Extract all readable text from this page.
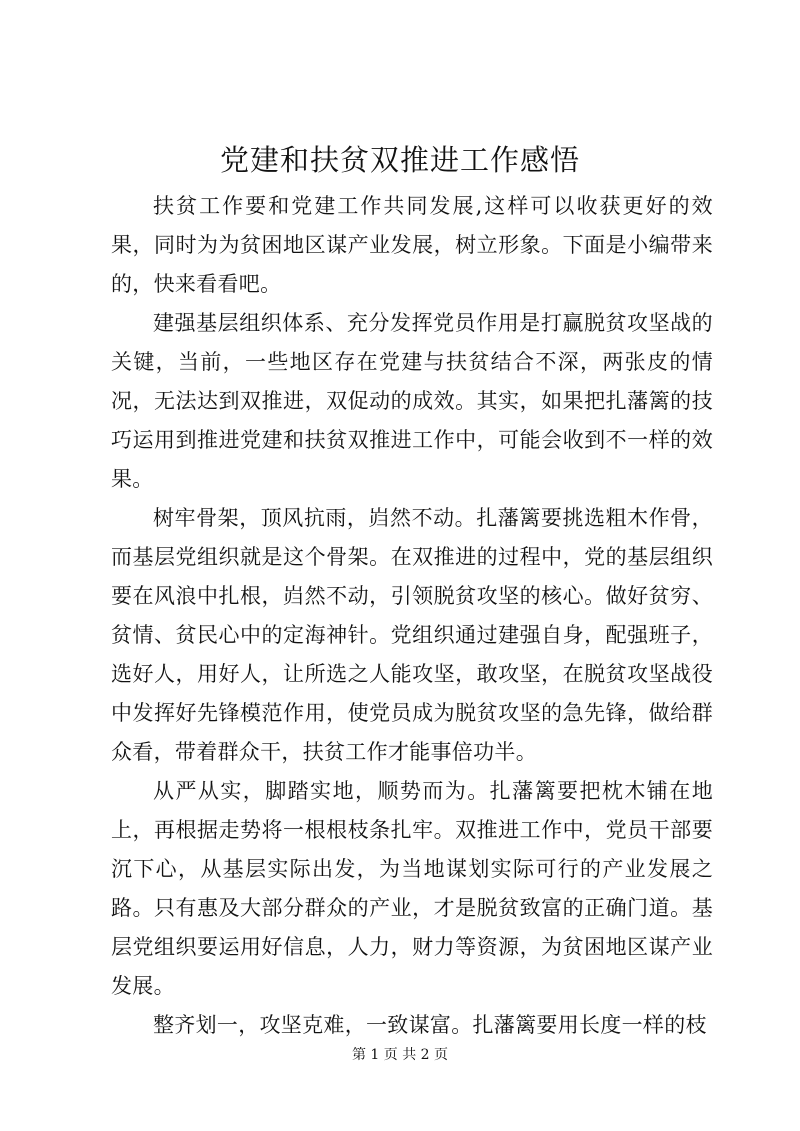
党建和扶贫双推进工作感悟

扶贫工作要和党建工作共同发展,这样可以收获更好的效果，同时为为贫困地区谋产业发展，树立形象。下面是小编带来的，快来看看吧。

建强基层组织体系、充分发挥党员作用是打赢脱贫攻坚战的关键，当前，一些地区存在党建与扶贫结合不深，两张皮的情况，无法达到双推进，双促动的成效。其实，如果把扎藩篱的技巧运用到推进党建和扶贫双推进工作中，可能会收到不一样的效果。

树牢骨架，顶风抗雨，岿然不动。扎藩篱要挑选粗木作骨，而基层党组织就是这个骨架。在双推进的过程中，党的基层组织要在风浪中扎根，岿然不动，引领脱贫攻坚的核心。做好贫穷、贫情、贫民心中的定海神针。党组织通过建强自身，配强班子，选好人，用好人，让所选之人能攻坚，敢攻坚，在脱贫攻坚战役中发挥好先锋模范作用，使党员成为脱贫攻坚的急先锋，做给群众看，带着群众干，扶贫工作才能事倍功半。

从严从实，脚踏实地，顺势而为。扎藩篱要把枕木铺在地上，再根据走势将一根根枝条扎牢。双推进工作中，党员干部要沉下心，从基层实际出发，为当地谋划实际可行的产业发展之路。只有惠及大部分群众的产业，才是脱贫致富的正确门道。基层党组织要运用好信息，人力，财力等资源，为贫困地区谋产业发展。

整齐划一，攻坚克难，一致谋富。扎藩篱要用长度一样的枝

第 1 页 共 2 页
